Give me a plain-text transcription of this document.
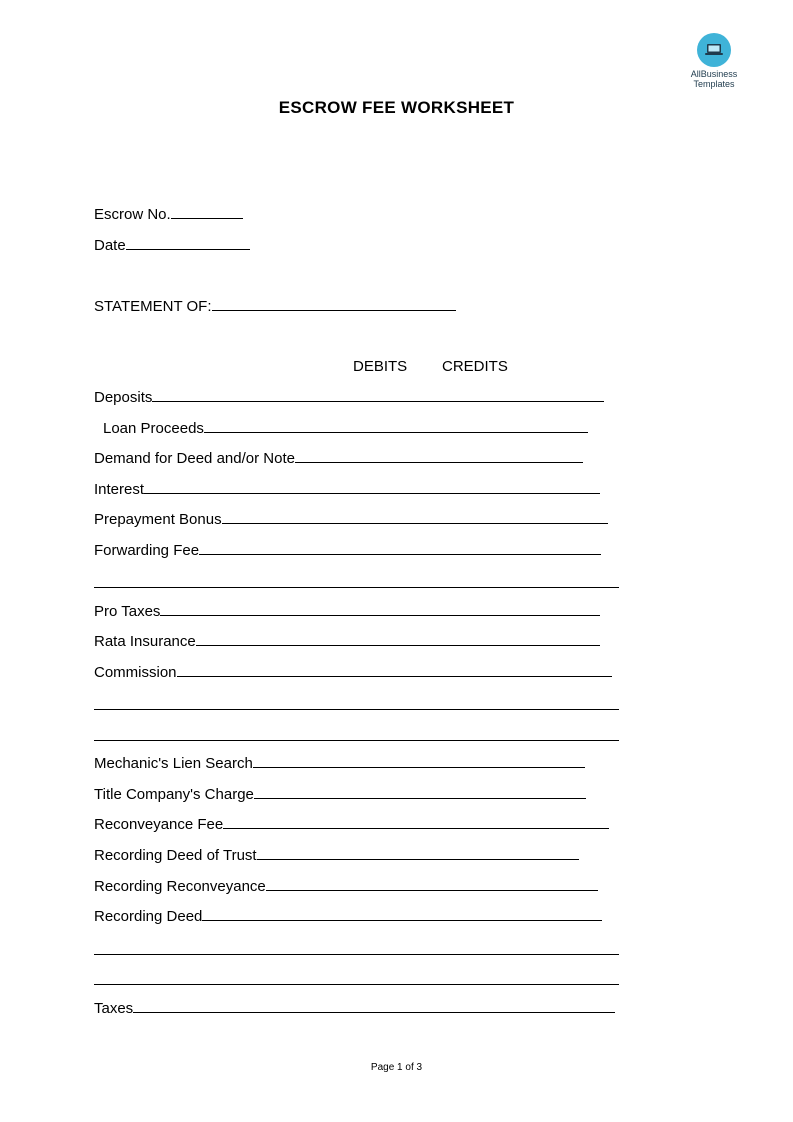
AllBusiness
Templates
ESCROW FEE WORKSHEET
Escrow No.
Date
STATEMENT OF:
DEBITS CREDITS
Deposits
Loan Proceeds
Demand for Deed and/or Note
Interest
Prepayment Bonus
Forwarding Fee
Pro Taxes
Rata Insurance
Commission
Mechanic's Lien Search
Title Company's Charge
Reconveyance Fee
Recording Deed of Trust
Recording Reconveyance
Recording Deed
Taxes
Page 1 of 3
